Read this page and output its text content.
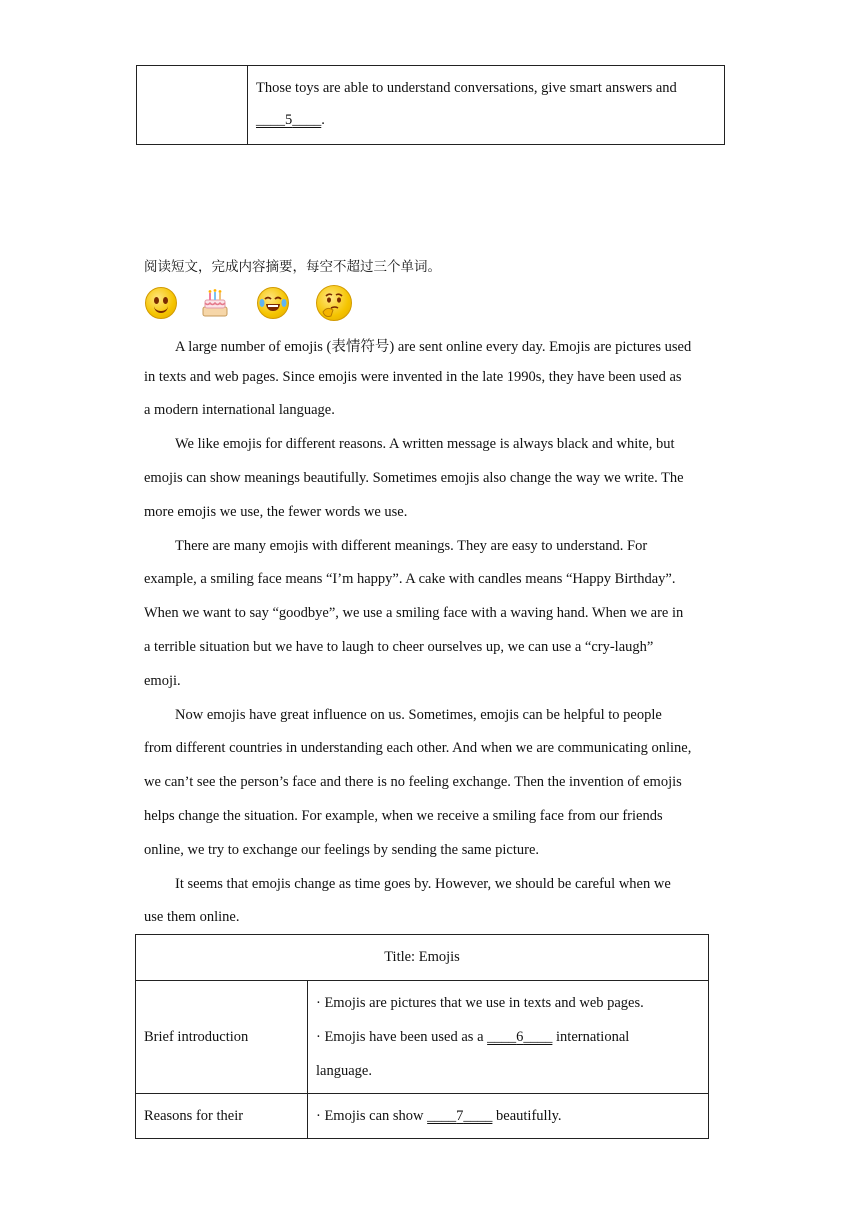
Those toys are able to understand conversations, give smart answers and
____5____.
阅读短文，完成内容摘要，每空不超过三个单词。
A large number of emojis (表情符号) are sent online every day. Emojis are pictures used
in texts and web pages. Since emojis were invented in the late 1990s, they have been used as
a modern international language.
We like emojis for different reasons. A written message is always black and white, but
emojis can show meanings beautifully. Sometimes emojis also change the way we write. The
more emojis we use, the fewer words we use.
There are many emojis with different meanings. They are easy to understand. For
example, a smiling face means “I’m happy”. A cake with candles means “Happy Birthday”.
When we want to say “goodbye”, we use a smiling face with a waving hand. When we are in
a terrible situation but we have to laugh to cheer ourselves up, we can use a “cry-laugh”
emoji.
Now emojis have great influence on us. Sometimes, emojis can be helpful to people
from different countries in understanding each other. And when we are communicating online,
we can’t see the person’s face and there is no feeling exchange. Then the invention of emojis
helps change the situation. For example, when we receive a smiling face from our friends
online, we try to exchange our feelings by sending the same picture.
It seems that emojis change as time goes by. However, we should be careful when we
use them online.
Title: Emojis	
Brief introduction	· Emojis are pictures that we use in texts and web pages.
· Emojis have been used as a ____6____ international
language.

Reasons for their	· Emojis can show ____7____ beautifully.
